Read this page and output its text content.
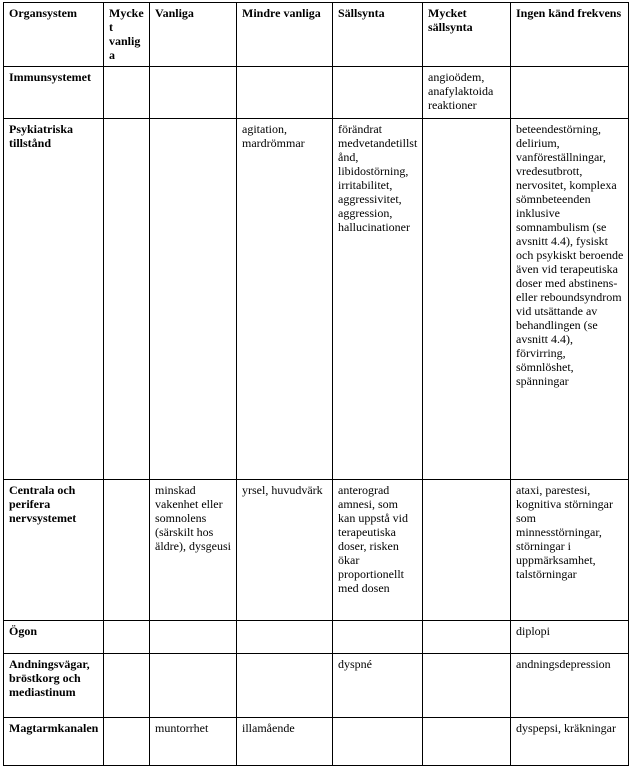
Organsystem	Mycket vanliga	Vanliga	Mindre vanliga	Sällsynta	Mycket sällsynta	Ingen känd frekvens
Immunsystemet					angioödem, anafylaktoida reaktioner	
Psykiatriska tillstånd			agitation, mardrömmar	förändrat medvetandetillstånd, libidostörning, irritabilitet, aggressivitet, aggression, hallucinationer		beteendestörning, delirium, vanföreställningar, vredesutbrott, nervositet, komplexa sömnbeteenden inklusive somnambulism (se avsnitt 4.4), fysiskt och psykiskt beroende även vid terapeutiska doser med abstinens- eller reboundsyndrom vid utsättande av behandlingen (se avsnitt 4.4), förvirring, sömnlöshet, spänningar
Centrala och perifera nervsystemet		minskad vakenhet eller somnolens (särskilt hos äldre), dysgeusi	yrsel, huvudvärk	anterograd amnesi, som kan uppstå vid terapeutiska doser, risken ökar proportionellt med dosen		ataxi, parestesi, kognitiva störningar som minnesstörningar, störningar i uppmärksamhet, talstörningar
Ögon						diplopi
Andningsvägar, bröstkorg och mediastinum				dyspné		andningsdepression
Magtarmkanalen		muntorrhet	illamående			dyspepsi, kräkningar
